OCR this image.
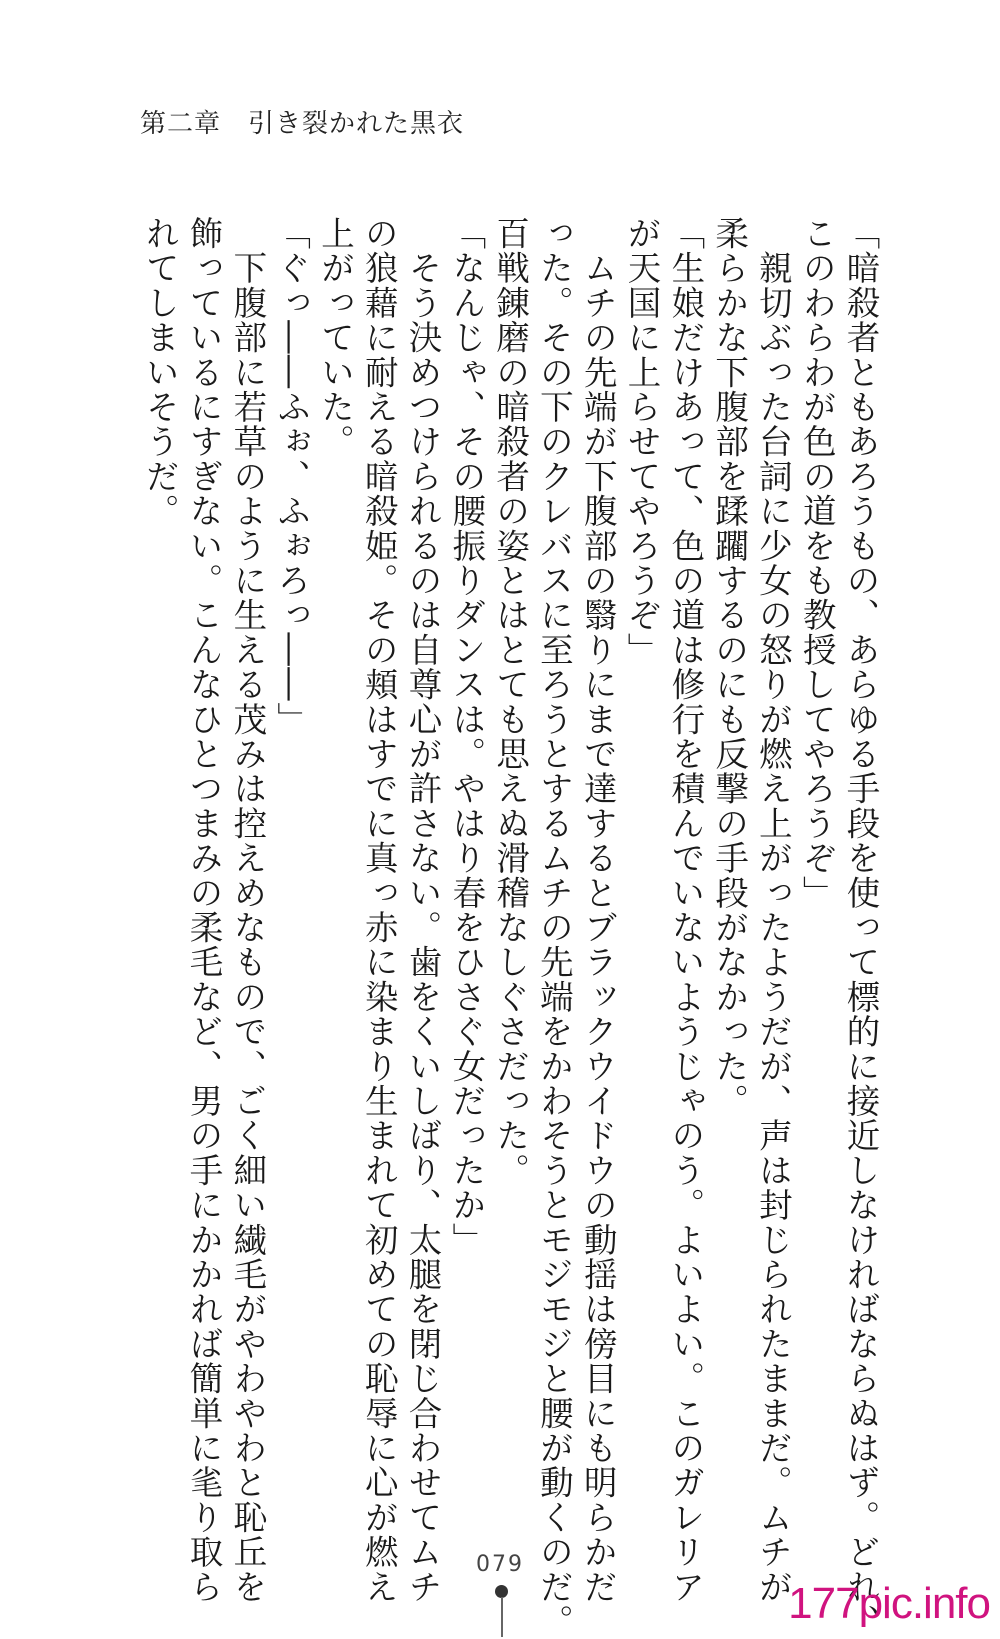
第二章　引き裂かれた黒衣

「暗殺者ともあろうもの、あらゆる手段を使って標的に接近しなければならぬはず。どれ、

このわらわが色の道をも教授してやろうぞ」

　親切ぶった台詞に少女の怒りが燃え上がったようだが、声は封じられたままだ。ムチが

柔らかな下腹部を蹂躙するのにも反撃の手段がなかった。

「生娘だけあって、色の道は修行を積んでいないようじゃのう。よいよい。このガレリア

が天国に上らせてやろうぞ」

　ムチの先端が下腹部の翳りにまで達するとブラックウイドウの動揺は傍目にも明らかだ

った。その下のクレバスに至ろうとするムチの先端をかわそうとモジモジと腰が動くのだ。

百戦錬磨の暗殺者の姿とはとても思えぬ滑稽なしぐさだった。

「なんじゃ、その腰振りダンスは。やはり春をひさぐ女だったか」

　そう決めつけられるのは自尊心が許さない。歯をくいしばり、太腿を閉じ合わせてムチ

の狼藉に耐える暗殺姫。その頬はすでに真っ赤に染まり生まれて初めての恥辱に心が燃え

上がっていた。

「ぐっ――ふぉ、ふぉろっ――」

　下腹部に若草のように生える茂みは控えめなもので、ごく細い繊毛がやわやわと恥丘を

飾っているにすぎない。こんなひとつまみの柔毛など、男の手にかかれば簡単に毟り取ら

れてしまいそうだ。

079
177pic.info
